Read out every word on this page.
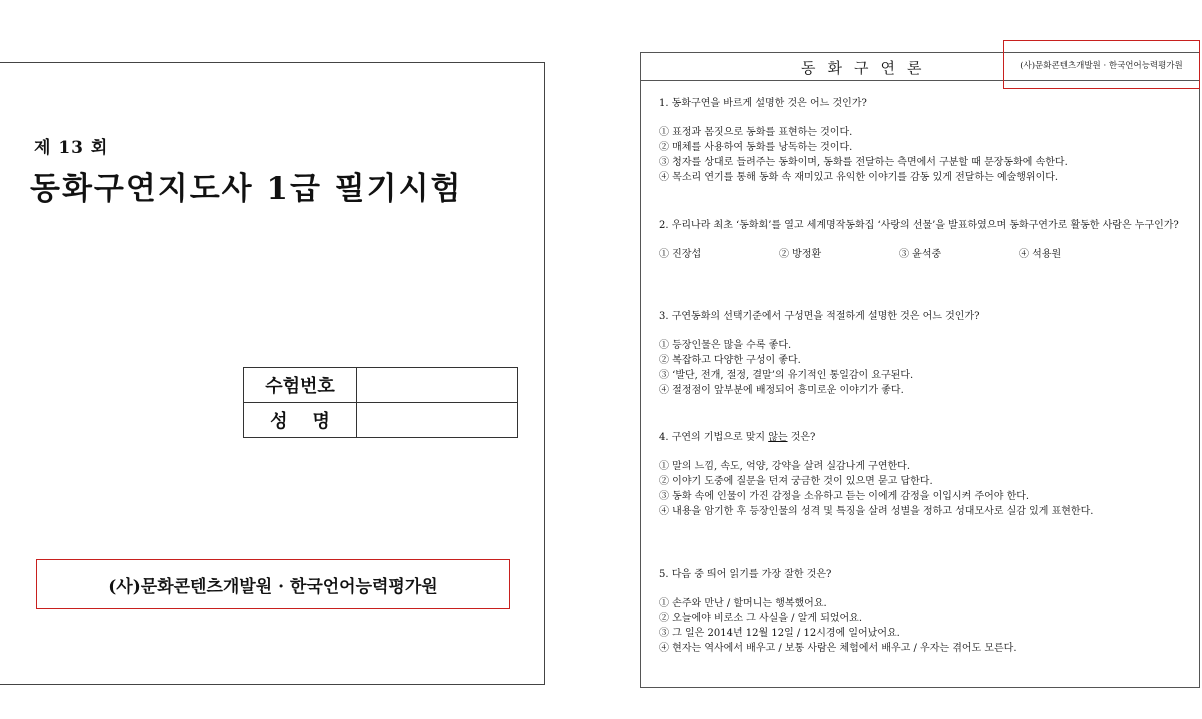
제 13 회
동화구연지도사 1급 필기시험
수험번호	
성    명	
(사)문화콘텐츠개발원 · 한국언어능력평가원
동화구연론	(사)문화콘텐츠개발원 · 한국언어능력평가원
1. 동화구연을 바르게 설명한 것은 어느 것인가?
① 표정과 몸짓으로 동화를 표현하는 것이다.
② 매체를 사용하여 동화를 낭독하는 것이다.
③ 청자를 상대로 들려주는 동화이며, 동화를 전달하는 측면에서 구분할 때 문장동화에 속한다.
④ 목소리 연기를 통해 동화 속 재미있고 유익한 이야기를 감동 있게 전달하는 예술행위이다.
2. 우리나라 최초 ‘동화회’를 열고 세계명작동화집 ‘사랑의 선물’을 발표하였으며 동화구연가로 활동한 사람은 누구인가?
① 진장섭	② 방정환	③ 윤석중	④ 석용원
3. 구연동화의 선택기준에서 구성면을 적절하게 설명한 것은 어느 것인가?
① 등장인물은 많을 수록 좋다.
② 복잡하고 다양한 구성이 좋다.
③ ‘발단, 전개, 절정, 결말’의 유기적인 통일감이 요구된다.
④ 절정점이 앞부분에 배정되어 흥미로운 이야기가 좋다.
4. 구연의 기법으로 맞지 않는 것은?
① 말의 느낌, 속도, 억양, 강약을 살려 실감나게 구연한다.
② 이야기 도중에 질문을 던져 궁금한 것이 있으면 묻고 답한다.
③ 동화 속에 인물이 가진 감정을 소유하고 듣는 이에게 감정을 이입시켜 주어야 한다.
④ 내용을 암기한 후 등장인물의 성격 및 특징을 살려 성별을 정하고 성대모사로 실감 있게 표현한다.
5. 다음 중 띄어 읽기를 가장 잘한 것은?
① 손주와 만난 / 할머니는 행복했어요.
② 오늘에야 비로소 그 사실을 / 알게 되었어요.
③ 그 일은 2014년 12월 12일 / 12시경에 일어났어요.
④ 현자는 역사에서 배우고 / 보통 사람은 체험에서 배우고 / 우자는 겪어도 모른다.
